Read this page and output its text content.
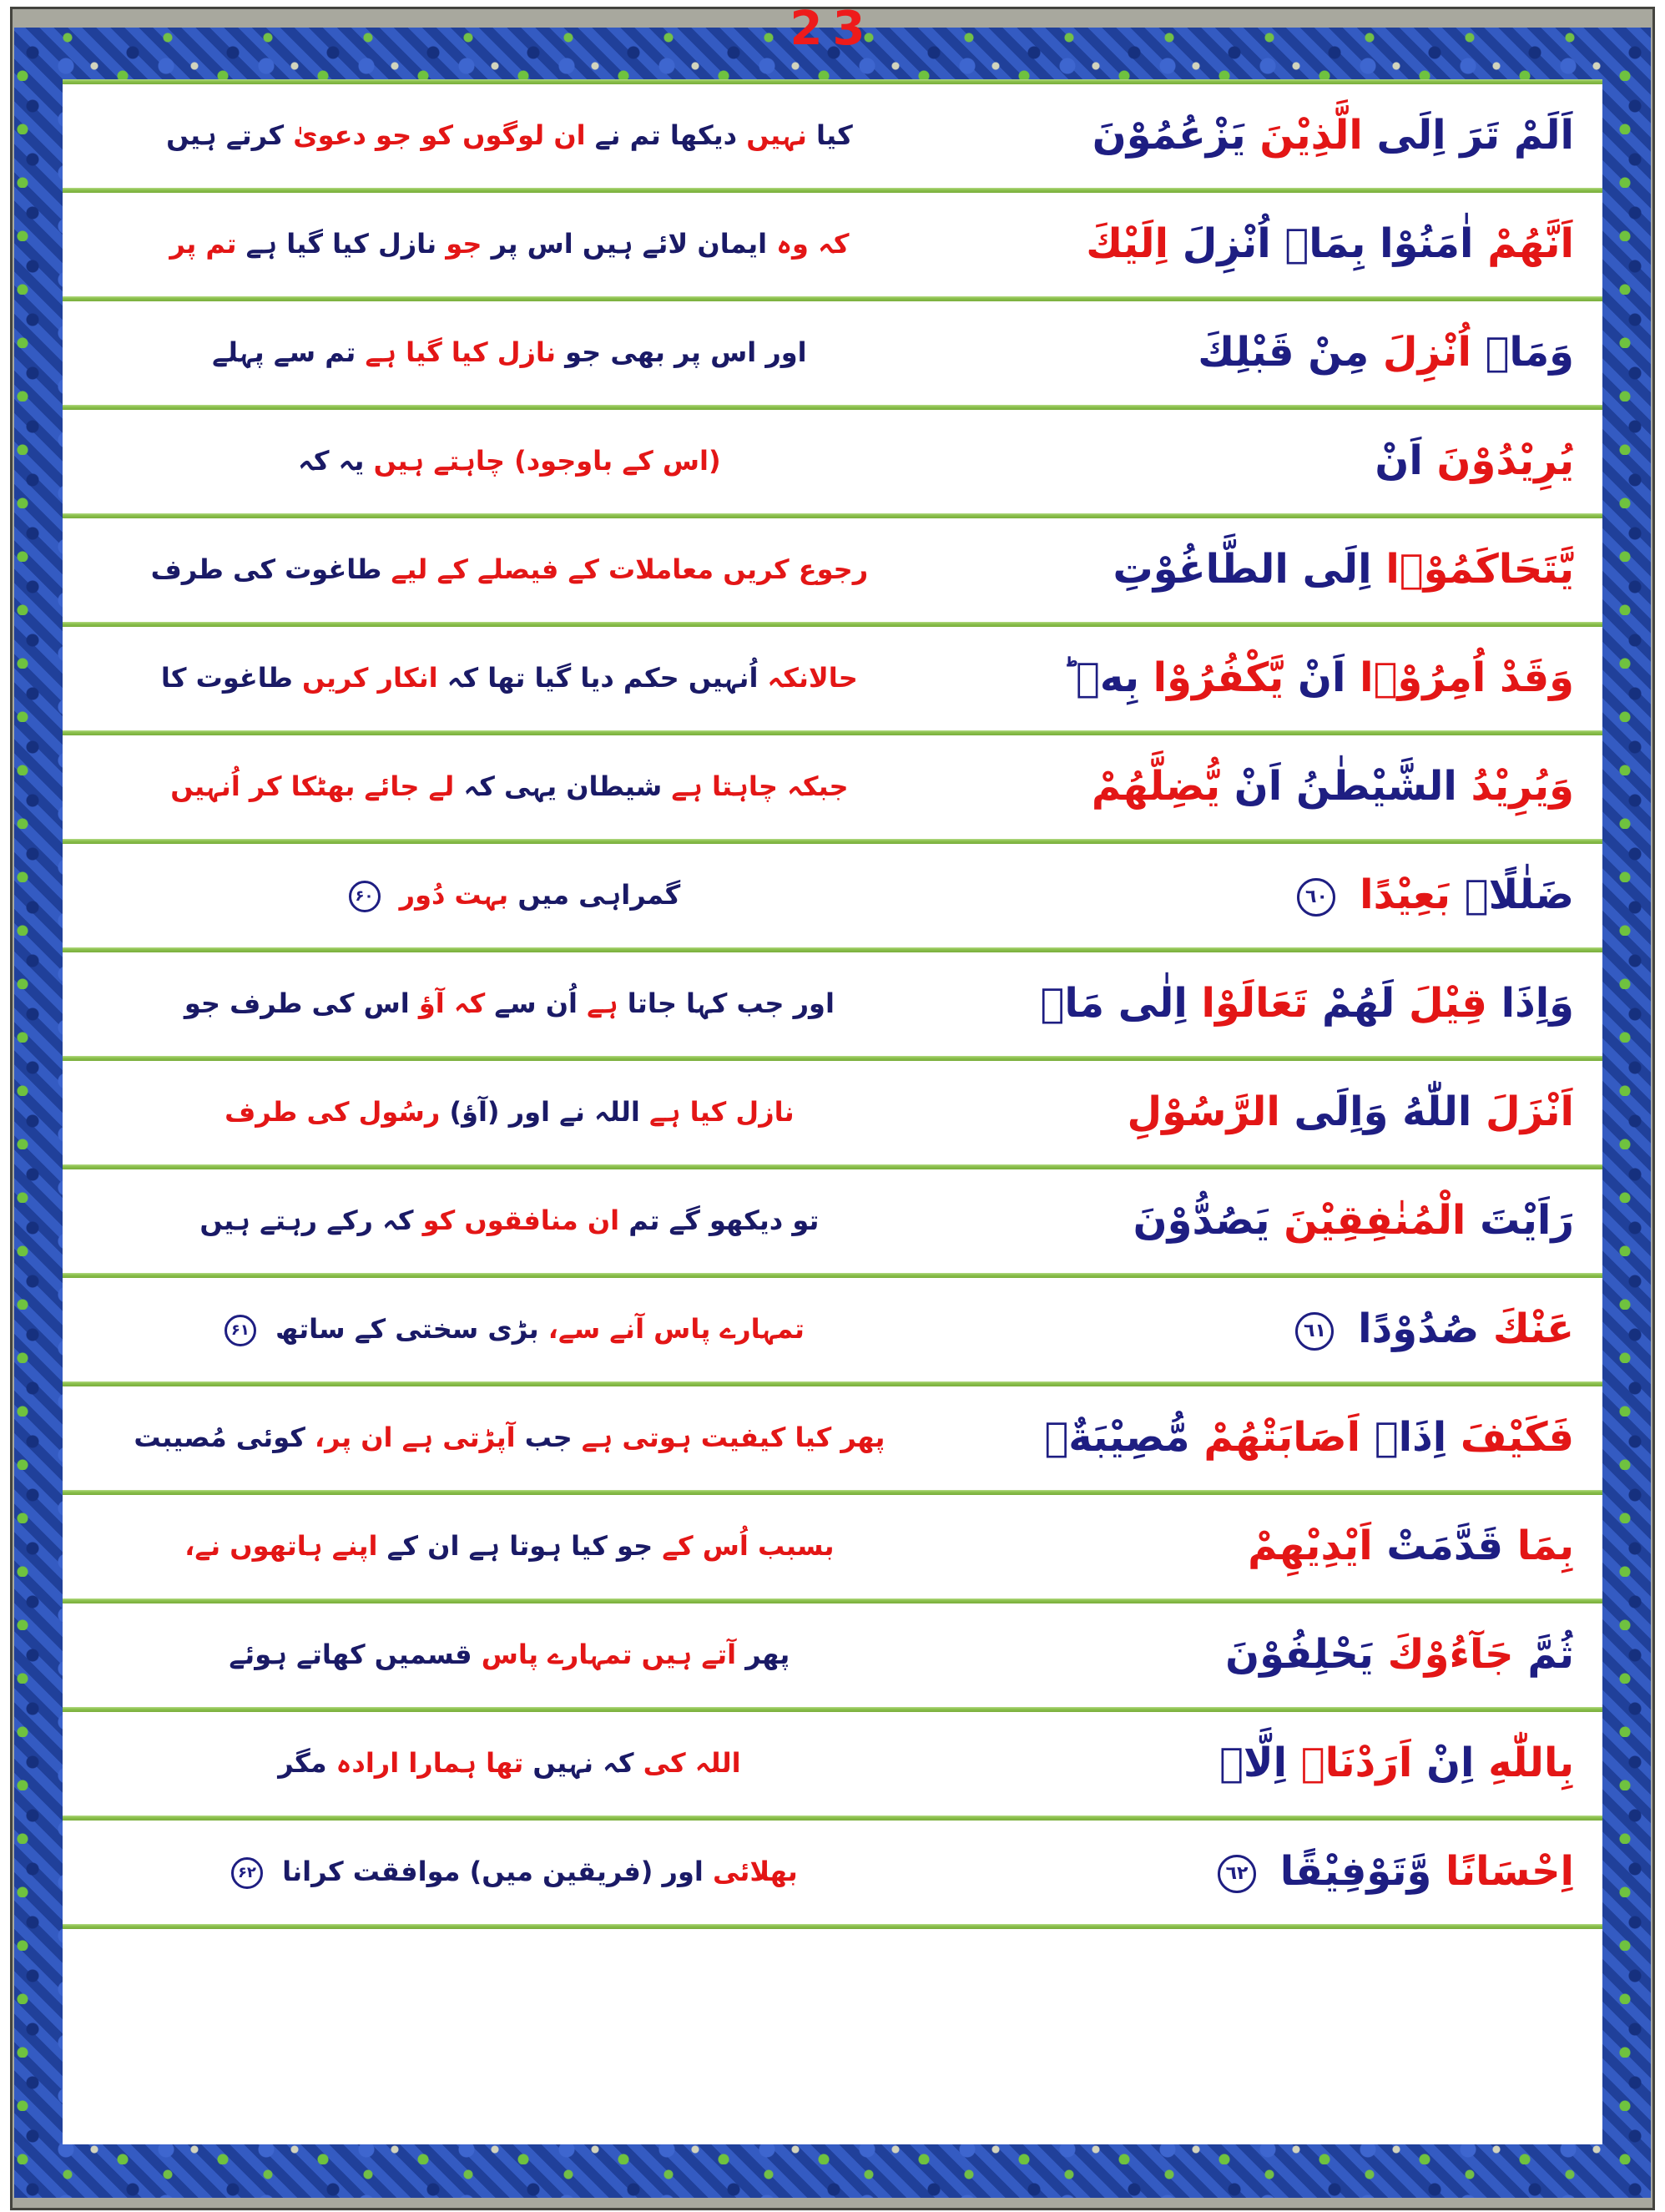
23
اَلَمْ تَرَ اِلَى الَّذِيْنَ يَزْعُمُوْنَ
کیا نہیں دیکھا تم نے ان لوگوں کو جو دعویٰ کرتے ہیں
اَنَّهُمْ اٰمَنُوْا بِمَاۤ اُنْزِلَ اِلَيْكَ
کہ وہ ایمان لائے ہیں اس پر جو نازل کیا گیا ہے تم پر
وَمَاۤ اُنْزِلَ مِنْ قَبْلِكَ
اور اس پر بھی جو نازل کیا گیا ہے تم سے پہلے
يُرِيْدُوْنَ اَنْ
(اس کے باوجود) چاہتے ہیں یہ کہ
يَّتَحَاكَمُوْۤا اِلَى الطَّاغُوْتِ
رجوع کریں معاملات کے فیصلے کے لیے طاغوت کی طرف
وَقَدْ اُمِرُوْۤا اَنْ يَّكْفُرُوْا بِهٖ ؕ
حالانکہ اُنہیں حکم دیا گیا تھا کہ انکار کریں طاغوت کا
وَيُرِيْدُ الشَّيْطٰنُ اَنْ يُّضِلَّهُمْ
جبکہ چاہتا ہے شیطان یہی کہ لے جائے بھٹکا کر اُنہیں
ضَلٰلًاۢ بَعِيْدًا ٦٠
گمراہی میں بہت دُور ۶۰
وَاِذَا قِيْلَ لَهُمْ تَعَالَوْا اِلٰى مَاۤ
اور جب کہا جاتا ہے اُن سے کہ آؤ اس کی طرف جو
اَنْزَلَ اللّٰهُ وَاِلَى الرَّسُوْلِ
نازل کیا ہے اللہ نے اور (آؤ) رسُول کی طرف
رَاَيْتَ الْمُنٰفِقِيْنَ يَصُدُّوْنَ
تو دیکھو گے تم ان منافقوں کو کہ رکے رہتے ہیں
عَنْكَ صُدُوْدًا ٦١
تمہارے پاس آنے سے، بڑی سختی کے ساتھ ۶۱
فَكَيْفَ اِذَاۤ اَصَابَتْهُمْ مُّصِيْبَةٌۢ
پھر کیا کیفیت ہوتی ہے جب آپڑتی ہے ان پر، کوئی مُصیبت
بِمَا قَدَّمَتْ اَيْدِيْهِمْ
بسبب اُس کے جو کیا ہوتا ہے ان کے اپنے ہاتھوں نے،
ثُمَّ جَآءُوْكَ يَحْلِفُوْنَ
پھر آتے ہیں تمہارے پاس قسمیں کھاتے ہوئے
بِاللّٰهِ اِنْ اَرَدْنَاۤ اِلَّاۤ
اللہ کی کہ نہیں تھا ہمارا ارادہ مگر
اِحْسَانًا وَّتَوْفِيْقًا ٦٢
بھلائی اور (فریقین میں) موافقت کرانا ۶۲
